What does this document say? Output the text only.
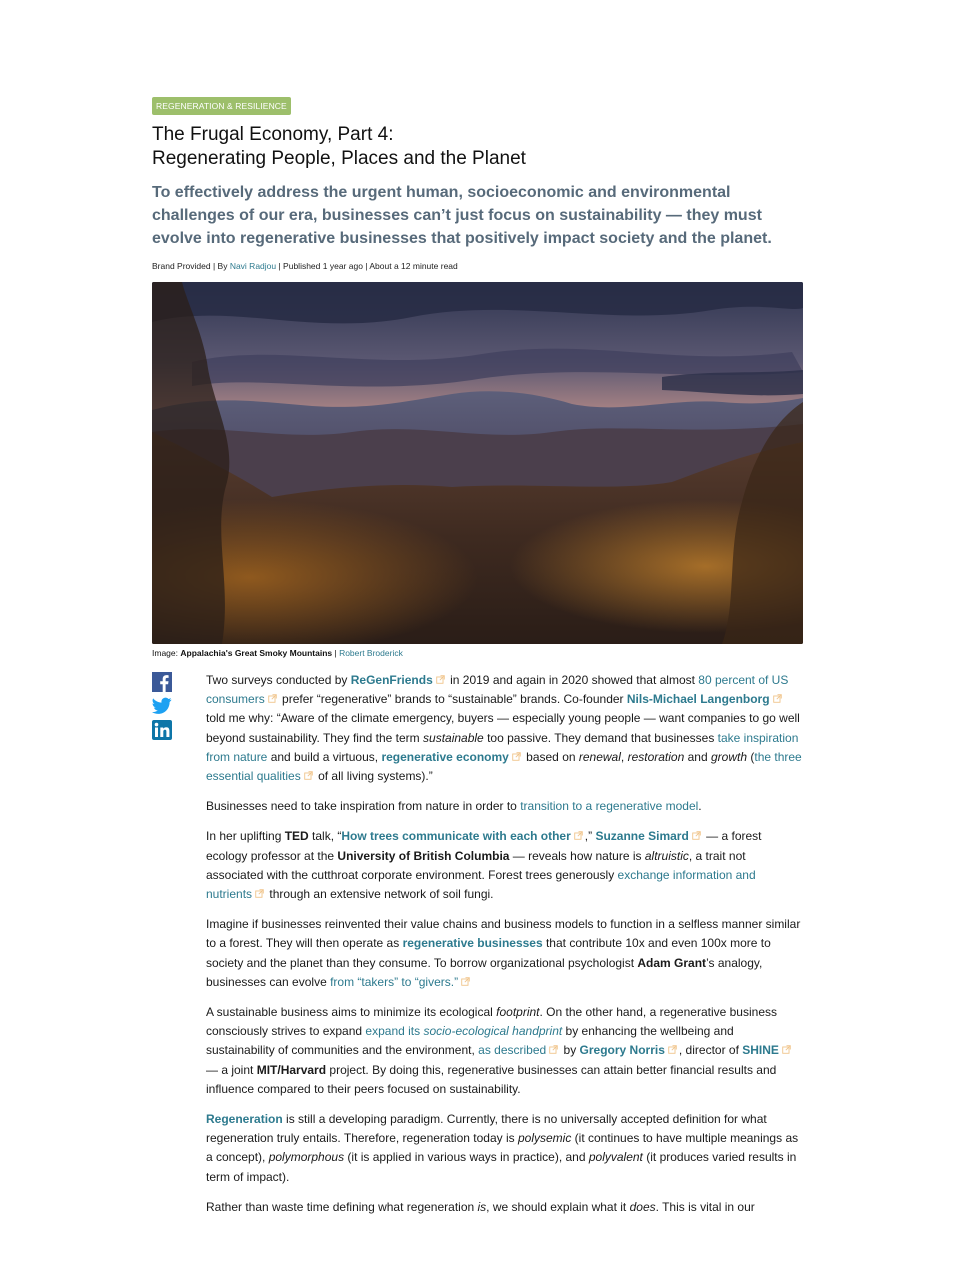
REGENERATION & RESILIENCE
The Frugal Economy, Part 4:
Regenerating People, Places and the Planet
To effectively address the urgent human, socioeconomic and environmental challenges of our era, businesses can’t just focus on sustainability — they must evolve into regenerative businesses that positively impact society and the planet.
Brand Provided | By Navi Radjou | Published 1 year ago | About a 12 minute read
Image: Appalachia's Great Smoky Mountains | Robert Broderick

Two surveys conducted by ReGenFriends in 2019 and again in 2020 showed that almost 80 percent of US consumers prefer “regenerative” brands to “sustainable” brands. Co-founder Nils-Michael Langenborg told me why: “Aware of the climate emergency, buyers — especially young people — want companies to go well beyond sustainability. They find the term sustainable too passive. They demand that businesses take inspiration from nature and build a virtuous, regenerative economy based on renewal, restoration and growth (the three essential qualities of all living systems).”

Businesses need to take inspiration from nature in order to transition to a regenerative model.

In her uplifting TED talk, “How trees communicate with each other ,” Suzanne Simard — a forest ecology professor at the University of British Columbia — reveals how nature is altruistic, a trait not associated with the cutthroat corporate environment. Forest trees generously exchange information and nutrients through an extensive network of soil fungi.

Imagine if businesses reinvented their value chains and business models to function in a selfless manner similar to a forest. They will then operate as regenerative businesses that contribute 10x and even 100x more to society and the planet than they consume. To borrow organizational psychologist Adam Grant’s analogy, businesses can evolve from “takers” to “givers.”

A sustainable business aims to minimize its ecological footprint. On the other hand, a regenerative business consciously strives to expand expand its socio-ecological handprint by enhancing the wellbeing and sustainability of communities and the environment, as described by Gregory Norris , director of SHINE — a joint MIT/Harvard project. By doing this, regenerative businesses can attain better financial results and influence compared to their peers focused on sustainability.

Regeneration is still a developing paradigm. Currently, there is no universally accepted definition for what regeneration truly entails. Therefore, regeneration today is polysemic (it continues to have multiple meanings as a concept), polymorphous (it is applied in various ways in practice), and polyvalent (it produces varied results in term of impact).

Rather than waste time defining what regeneration is, we should explain what it does. This is vital in our
